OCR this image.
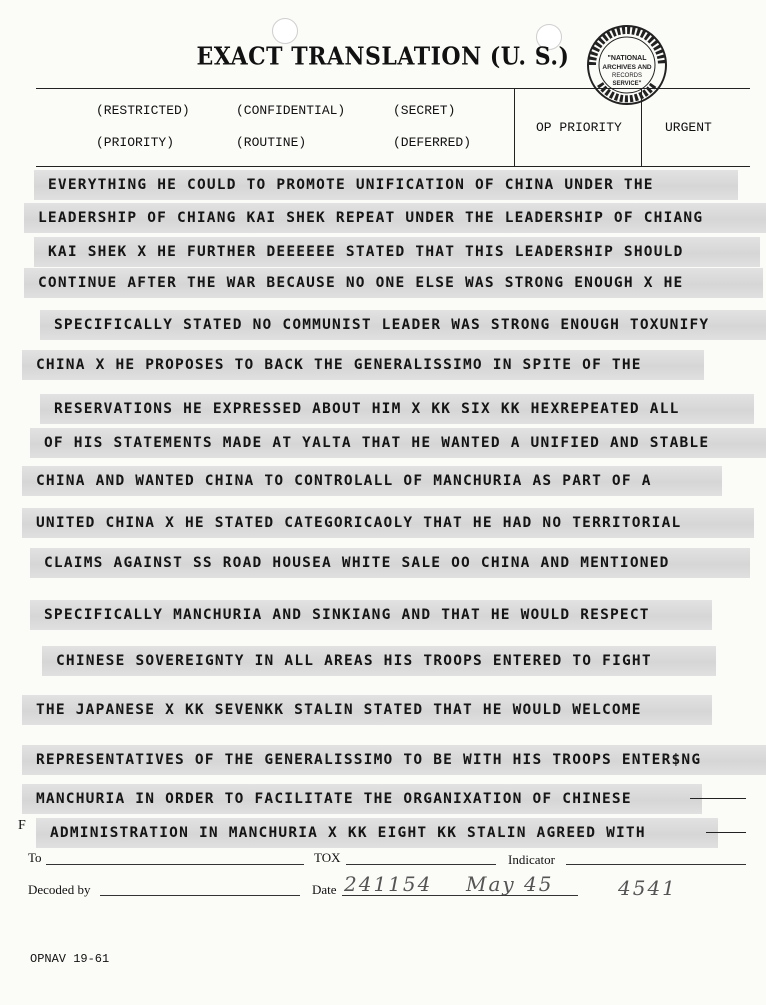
EXACT TRANSLATION (U. S.)	"NATIONAL
ARCHIVES AND
RECORDS
SERVICE"
(RESTRICTED)	(CONFIDENTIAL)	(SECRET)
(PRIORITY)	(ROUTINE)	(DEFERRED)
OP PRIORITY	URGENT
EVERYTHING HE COULD TO PROMOTE UNIFICATION OF CHINA UNDER THE
LEADERSHIP OF CHIANG KAI SHEK REPEAT UNDER THE LEADERSHIP OF CHIANG
KAI SHEK X HE FURTHER DEEEEEE STATED THAT THIS LEADERSHIP SHOULD
CONTINUE AFTER THE WAR BECAUSE NO ONE ELSE WAS STRONG ENOUGH X HE
SPECIFICALLY STATED NO COMMUNIST LEADER WAS STRONG ENOUGH TOXUNIFY
CHINA X HE PROPOSES TO BACK THE GENERALISSIMO IN SPITE OF THE
RESERVATIONS HE EXPRESSED ABOUT HIM X KK SIX KK HEXREPEATED ALL
OF HIS STATEMENTS MADE AT YALTA THAT HE WANTED A UNIFIED AND STABLE
CHINA AND WANTED CHINA TO CONTROLALL OF MANCHURIA AS PART OF A
UNITED CHINA X HE STATED CATEGORICAOLY THAT HE HAD NO TERRITORIAL
CLAIMS AGAINST SS ROAD HOUSEA WHITE SALE OO CHINA AND MENTIONED
SPECIFICALLY MANCHURIA AND SINKIANG AND THAT HE WOULD RESPECT
CHINESE SOVEREIGNTY IN ALL AREAS HIS TROOPS ENTERED TO FIGHT
THE JAPANESE X KK SEVENKK STALIN STATED THAT HE WOULD WELCOME
REPRESENTATIVES OF THE GENERALISSIMO TO BE WITH HIS TROOPS ENTER$NG
MANCHURIA IN ORDER TO FACILITATE THE ORGANIXATION OF CHINESE
ADMINISTRATION IN MANCHURIA X KK EIGHT KK STALIN AGREED WITH
F
To	TOX	Indicator
Decoded by	Date 241154 May 45	4541
OPNAV 19-61
